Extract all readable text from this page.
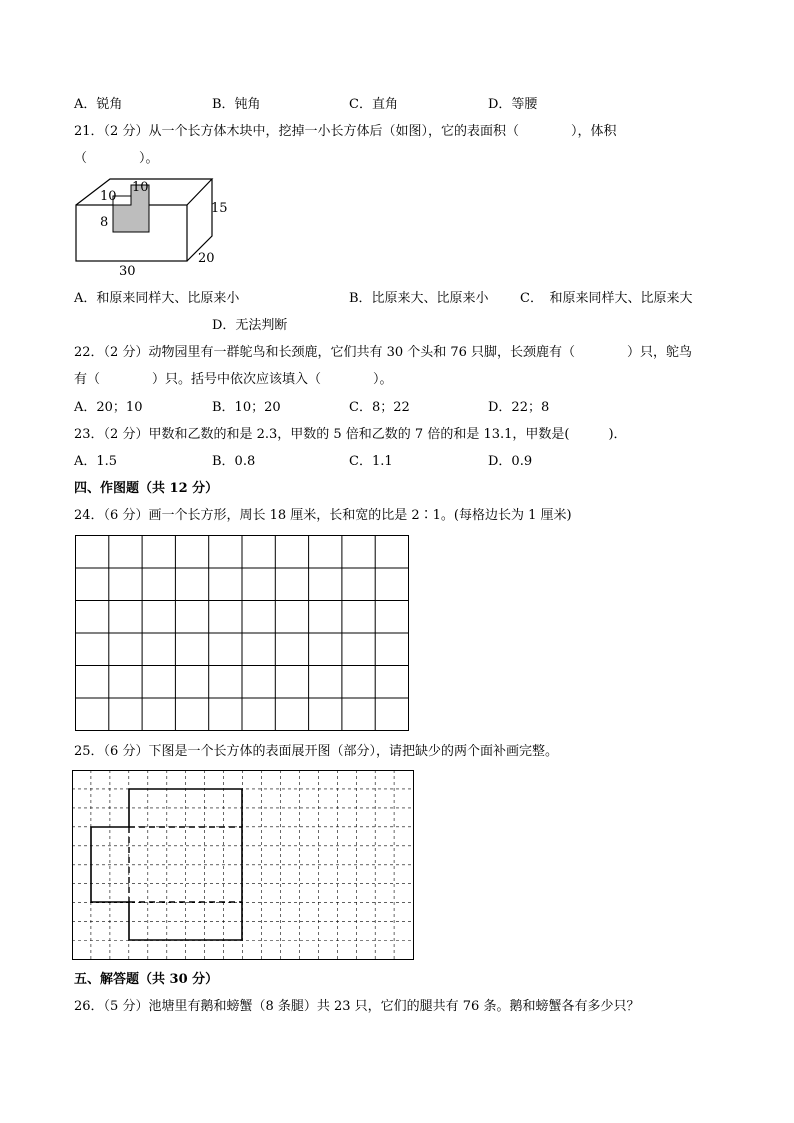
A．锐角	B．钝角	C．直角	D．等腰
21．（2 分）从一个长方体木块中，挖掉一小长方体后（如图），它的表面积（　　　　），体积
（　　　　）。
10
10
8
15
20
30
A．和原来同样大、比原来小	B．比原来大、比原来小 C．　和原来同样大、比原来大
D．无法判断
22．（2 分）动物园里有一群鸵鸟和长颈鹿，它们共有 30 个头和 76 只脚，长颈鹿有（　　　　）只，鸵鸟
有（　　　　）只。括号中依次应该填入（　　　　）。
A．20；10	B．10；20	C．8；22	D．22；8
23．（2 分）甲数和乙数的和是 2.3，甲数的 5 倍和乙数的 7 倍的和是 13.1，甲数是(　　　)．
A．1.5	B．0.8	C．1.1	D．0.9
四、作图题（共 12 分）
24．（6 分）画一个长方形，周长 18 厘米，长和宽的比是 2∶1。(每格边长为 1 厘米)
25．（6 分）下图是一个长方体的表面展开图（部分），请把缺少的两个面补画完整。
五、解答题（共 30 分）
26．（5 分）池塘里有鹅和螃蟹（8 条腿）共 23 只，它们的腿共有 76 条。鹅和螃蟹各有多少只？
